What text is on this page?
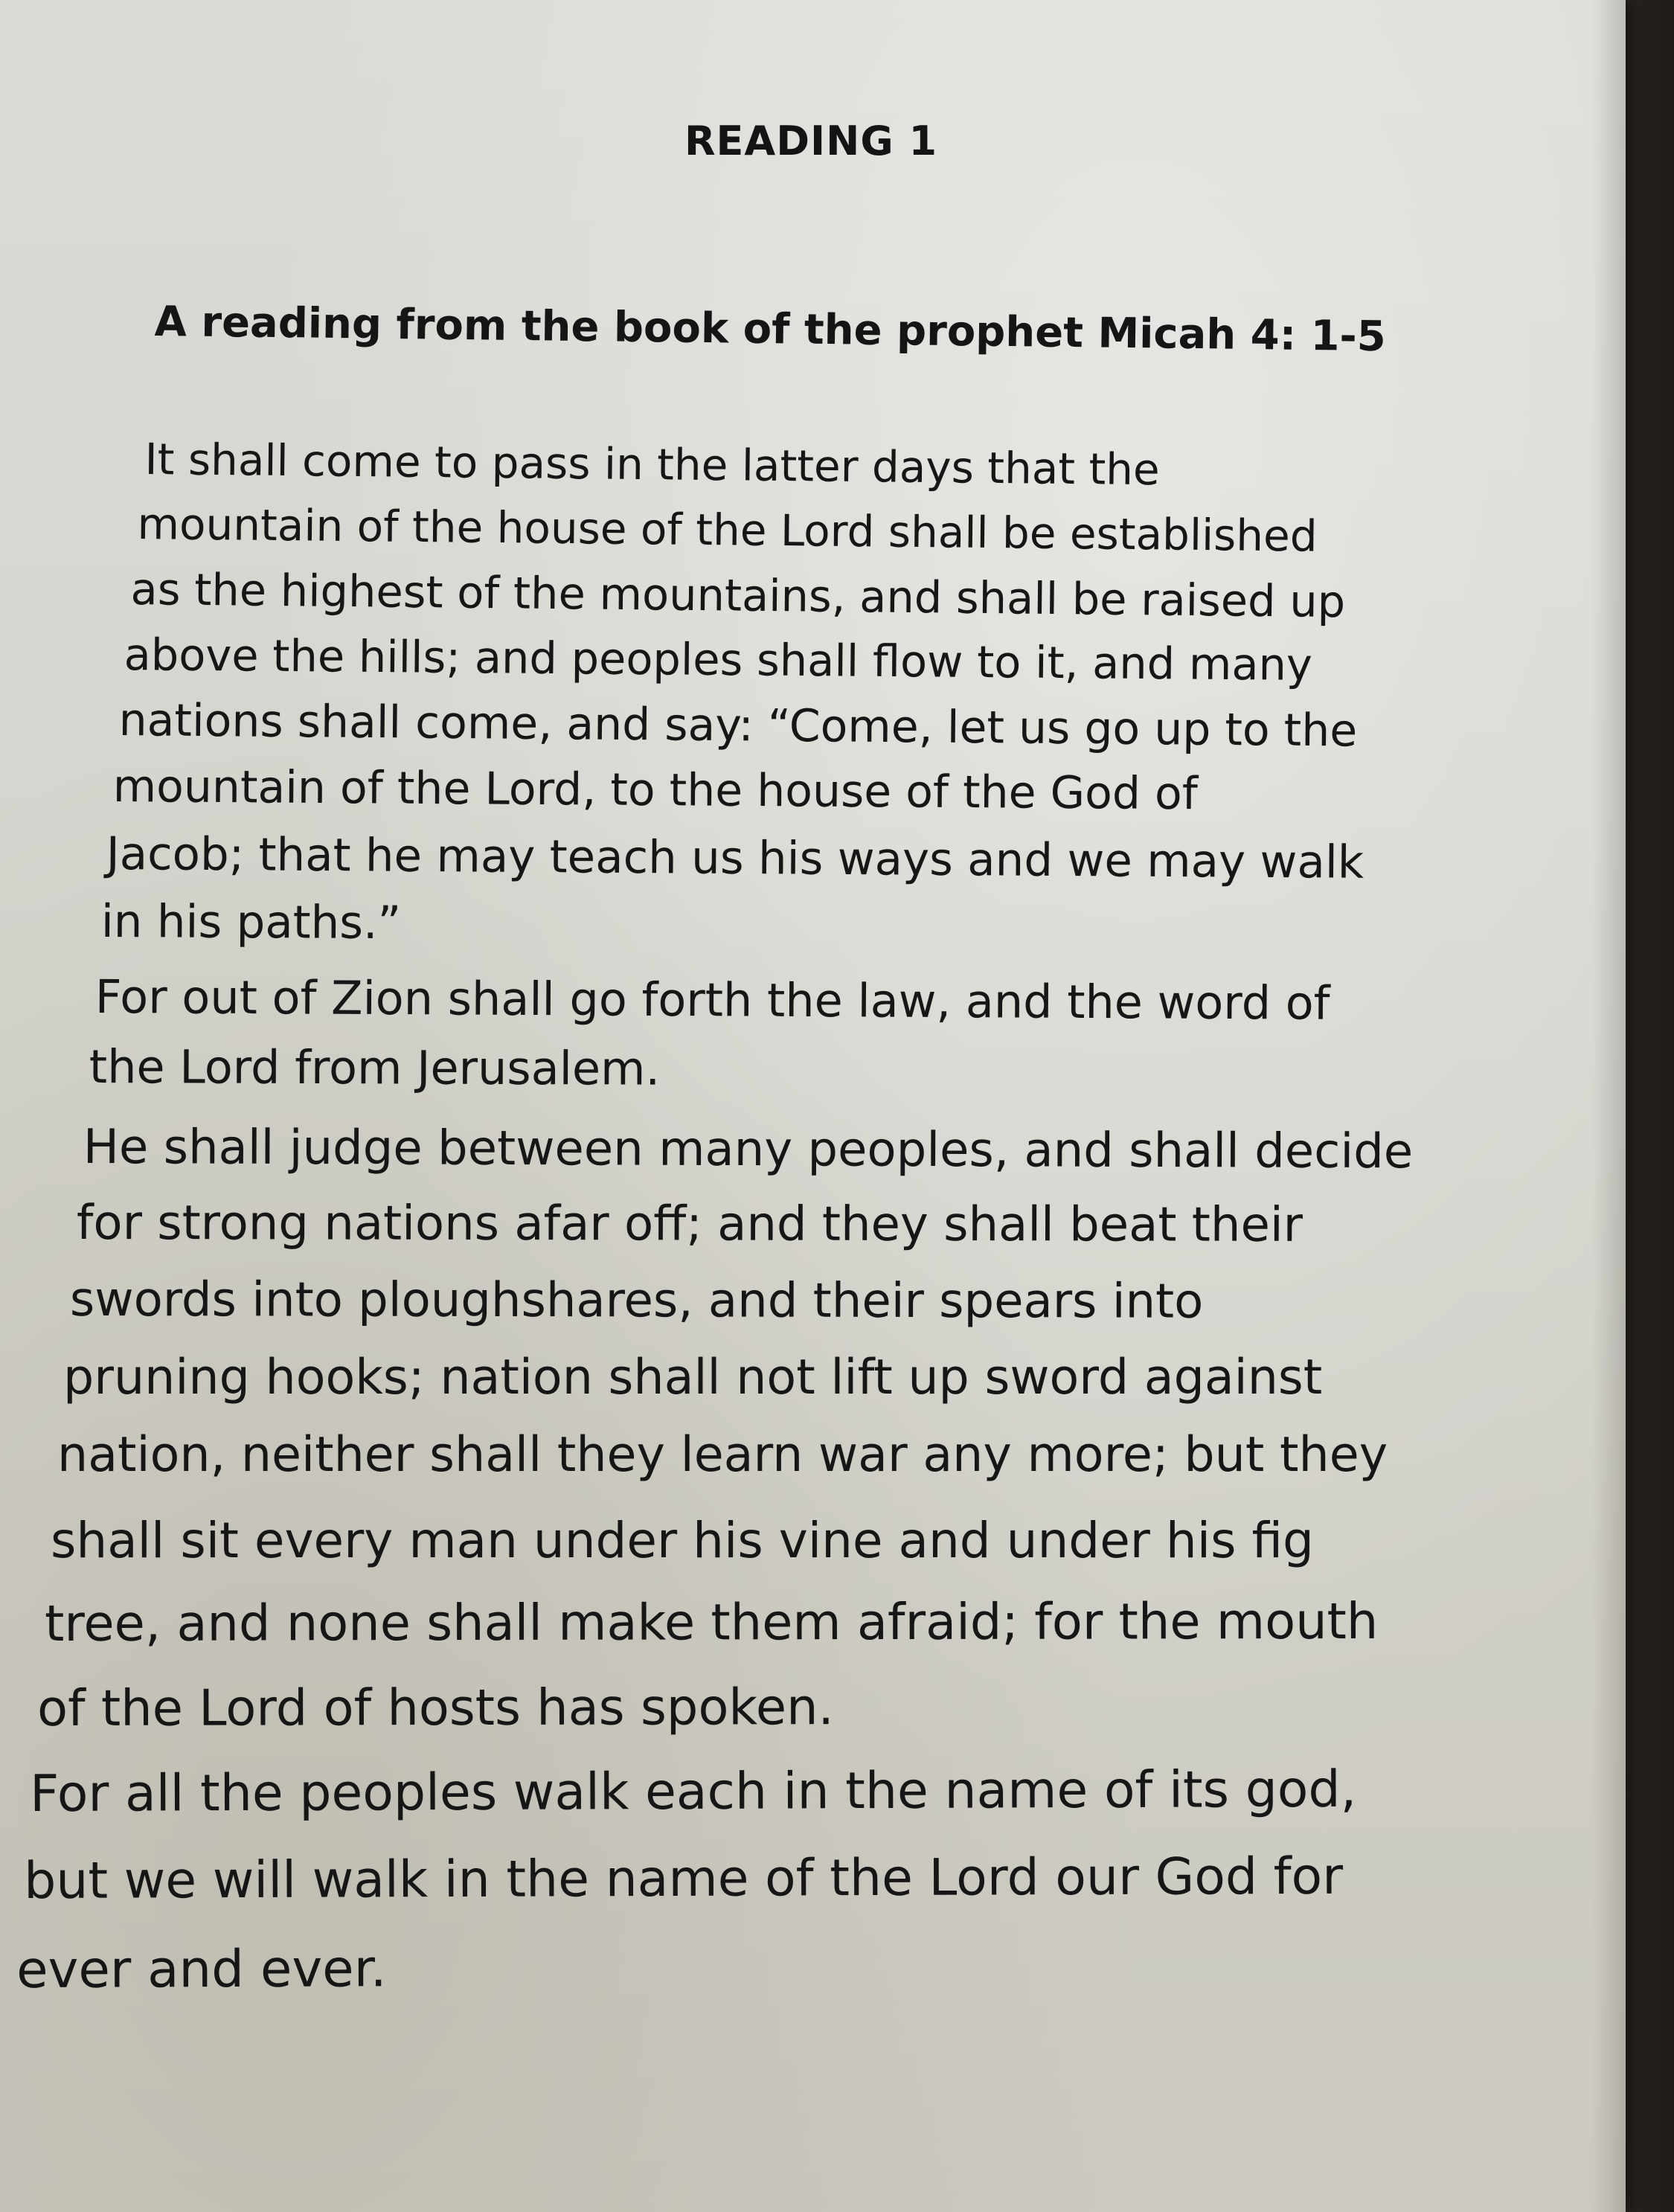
READING 1
A reading from the book of the prophet Micah 4: 1-5
It shall come to pass in the latter days that the
mountain of the house of the Lord shall be established
as the highest of the mountains, and shall be raised up
above the hills; and peoples shall flow to it, and many
nations shall come, and say: “Come, let us go up to the
mountain of the Lord, to the house of the God of
Jacob; that he may teach us his ways and we may walk
in his paths.”
For out of Zion shall go forth the law, and the word of
the Lord from Jerusalem.
He shall judge between many peoples, and shall decide
for strong nations afar off; and they shall beat their
swords into ploughshares, and their spears into
pruning hooks; nation shall not lift up sword against
nation, neither shall they learn war any more; but they
shall sit every man under his vine and under his fig
tree, and none shall make them afraid; for the mouth
of the Lord of hosts has spoken.
For all the peoples walk each in the name of its god,
but we will walk in the name of the Lord our God for
ever and ever.
